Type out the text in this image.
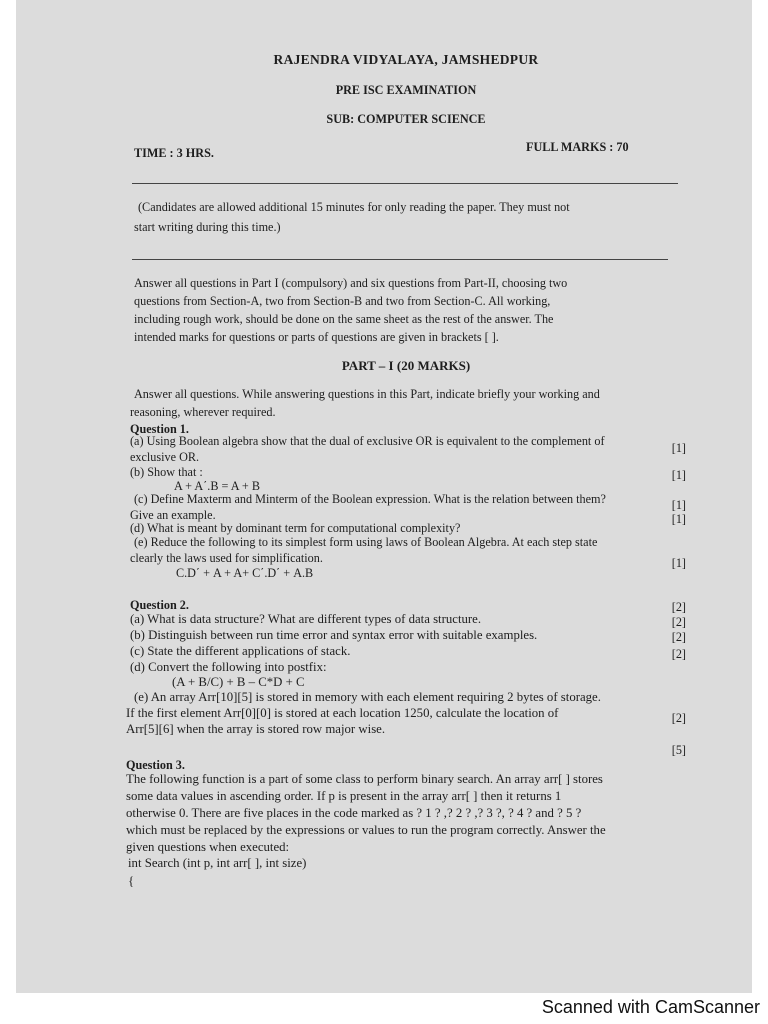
RAJENDRA VIDYALAYA, JAMSHEDPUR
PRE ISC EXAMINATION
SUB: COMPUTER SCIENCE
TIME : 3 HRS.	FULL MARKS : 70
(Candidates are allowed additional 15 minutes for only reading the paper. They must not
start writing during this time.)
Answer all questions in Part I (compulsory) and six questions from Part-II, choosing two
questions from Section-A, two from Section-B and two from Section-C. All working,
including rough work, should be done on the same sheet as the rest of the answer. The
intended marks for questions or parts of questions are given in brackets [ ].
PART – I (20 MARKS)
Answer all questions. While answering questions in this Part, indicate briefly your working and
reasoning, wherever required.
Question 1.
(a) Using Boolean algebra show that the dual of exclusive OR is equivalent to the complement of
exclusive OR.
[1]
(b) Show that :	[1]
A + A΄.B = A + B
(c) Define Maxterm and Minterm of the Boolean expression. What is the relation between them?
Give an example.
[1]
(d) What is meant by dominant term for computational complexity?
[1]
(e) Reduce the following to its simplest form using laws of Boolean Algebra. At each step state
clearly the laws used for simplification.	[1]
C.D΄ + A + A+ C΄.D΄ + A.B
Question 2.
(a) What is data structure? What are different types of data structure.
[2]
(b) Distinguish between run time error and syntax error with suitable examples.
[2]
(c) State the different applications of stack.
[2]
(d) Convert the following into postfix:
[2]
(A + B/C) + B – C*D + C
(e) An array Arr[10][5] is stored in memory with each element requiring 2 bytes of storage.
If the first element Arr[0][0] is stored at each location 1250, calculate the location of
Arr[5][6] when the array is stored row major wise.
[2]
[5]
Question 3.
The following function is a part of some class to perform binary search. An array arr[ ] stores
some data values in ascending order. If p is present in the array arr[ ] then it returns 1
otherwise 0. There are five places in the code marked as ? 1 ? ,? 2 ? ,? 3 ?, ? 4 ? and ? 5 ?
which must be replaced by the expressions or values to run the program correctly. Answer the
given questions when executed:
int Search (int p, int arr[ ], int size)
{
Scanned with CamScanner
